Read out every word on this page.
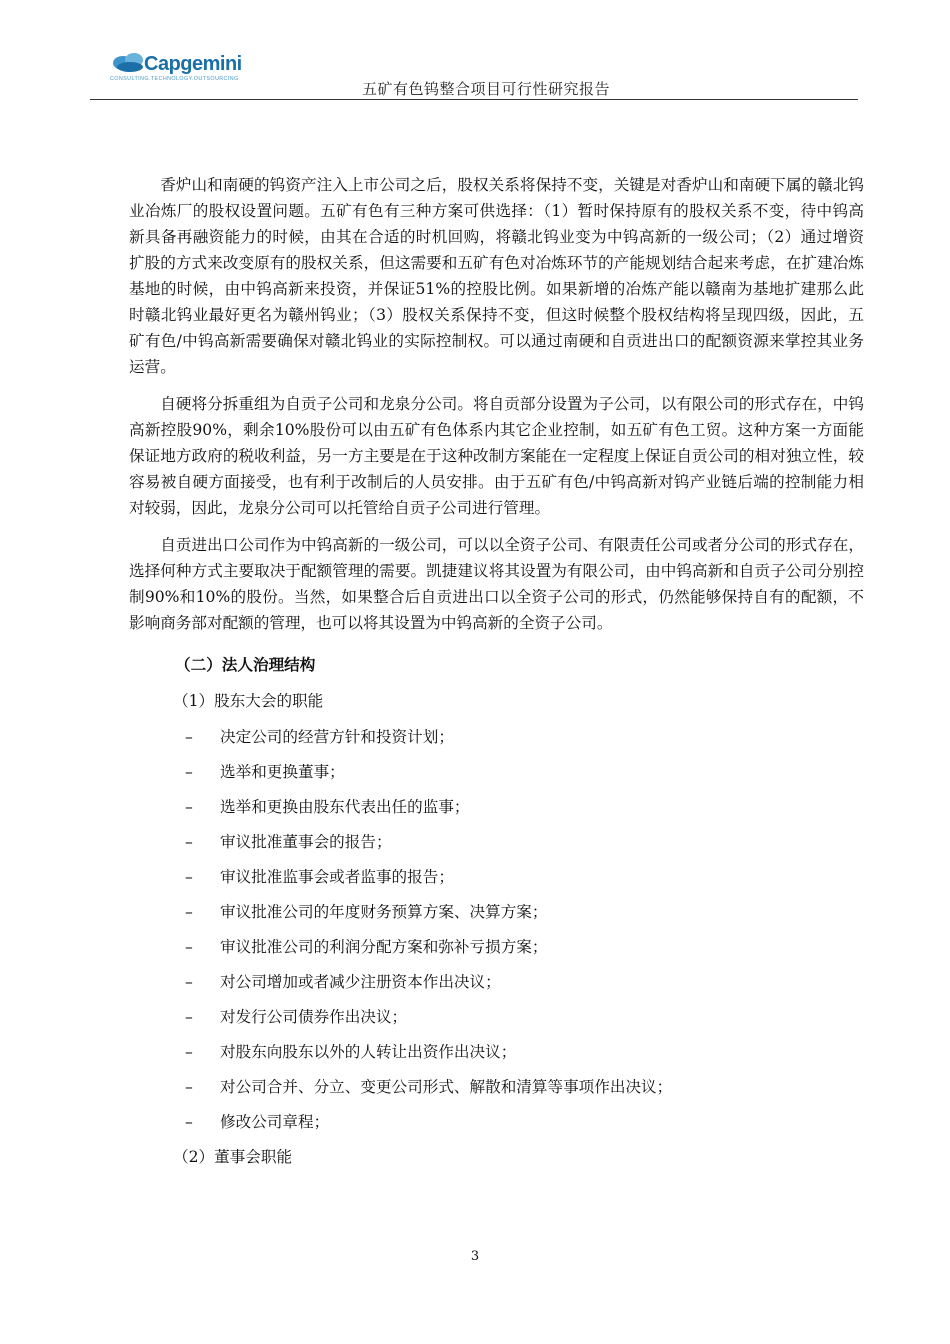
Capgemini
CONSULTING.TECHNOLOGY.OUTSOURCING
五矿有色钨整合项目可行性研究报告

香炉山和南硬的钨资产注入上市公司之后，股权关系将保持不变，关键是对香炉山和南硬下属的赣北钨业冶炼厂的股权设置问题。五矿有色有三种方案可供选择：（1）暂时保持原有的股权关系不变，待中钨高新具备再融资能力的时候，由其在合适的时机回购，将赣北钨业变为中钨高新的一级公司；（2）通过增资扩股的方式来改变原有的股权关系，但这需要和五矿有色对冶炼环节的产能规划结合起来考虑，在扩建冶炼基地的时候，由中钨高新来投资，并保证51%的控股比例。如果新增的冶炼产能以赣南为基地扩建那么此时赣北钨业最好更名为赣州钨业；（3）股权关系保持不变，但这时候整个股权结构将呈现四级，因此，五矿有色/中钨高新需要确保对赣北钨业的实际控制权。可以通过南硬和自贡进出口的配额资源来掌控其业务运营。

自硬将分拆重组为自贡子公司和龙泉分公司。将自贡部分设置为子公司，以有限公司的形式存在，中钨高新控股90%，剩余10%股份可以由五矿有色体系内其它企业控制，如五矿有色工贸。这种方案一方面能保证地方政府的税收利益，另一方主要是在于这种改制方案能在一定程度上保证自贡公司的相对独立性，较容易被自硬方面接受，也有利于改制后的人员安排。由于五矿有色/中钨高新对钨产业链后端的控制能力相对较弱，因此，龙泉分公司可以托管给自贡子公司进行管理。

自贡进出口公司作为中钨高新的一级公司，可以以全资子公司、有限责任公司或者分公司的形式存在，选择何种方式主要取决于配额管理的需要。凯捷建议将其设置为有限公司，由中钨高新和自贡子公司分别控制90%和10%的股份。当然，如果整合后自贡进出口以全资子公司的形式，仍然能够保持自有的配额，不影响商务部对配额的管理，也可以将其设置为中钨高新的全资子公司。

（二）法人治理结构
（1）股东大会的职能
–	决定公司的经营方针和投资计划；
–	选举和更换董事；
–	选举和更换由股东代表出任的监事；
–	审议批准董事会的报告；
–	审议批准监事会或者监事的报告；
–	审议批准公司的年度财务预算方案、决算方案；
–	审议批准公司的利润分配方案和弥补亏损方案；
–	对公司增加或者减少注册资本作出决议；
–	对发行公司债券作出决议；
–	对股东向股东以外的人转让出资作出决议；
–	对公司合并、分立、变更公司形式、解散和清算等事项作出决议；
–	修改公司章程；
（2）董事会职能
3
